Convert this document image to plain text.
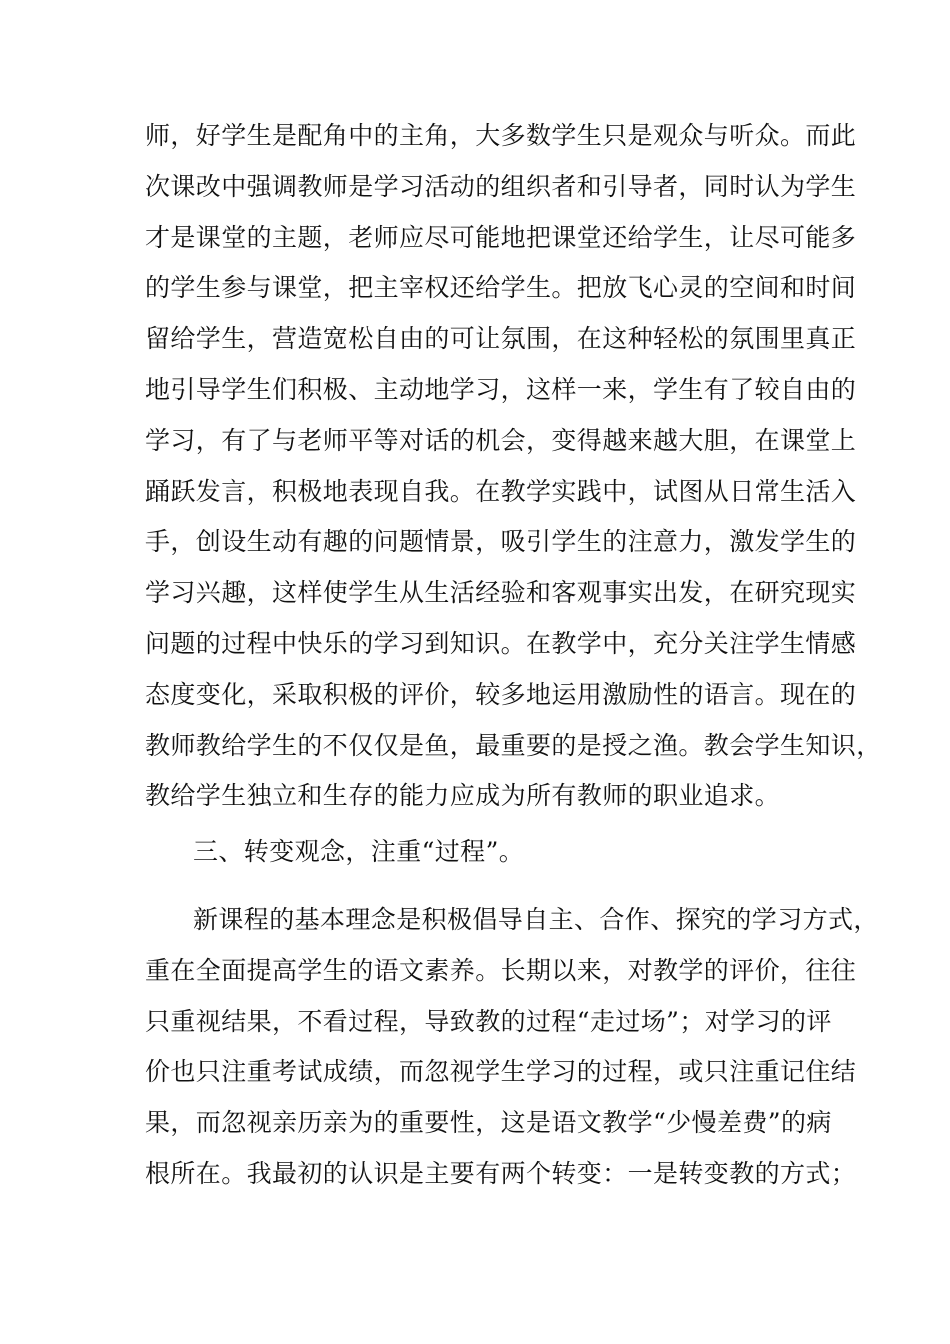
师，好学生是配角中的主角，大多数学生只是观众与听众。而此
次课改中强调教师是学习活动的组织者和引导者，同时认为学生
才是课堂的主题，老师应尽可能地把课堂还给学生，让尽可能多
的学生参与课堂，把主宰权还给学生。把放飞心灵的空间和时间
留给学生，营造宽松自由的可让氛围，在这种轻松的氛围里真正
地引导学生们积极、主动地学习，这样一来，学生有了较自由的
学习，有了与老师平等对话的机会，变得越来越大胆，在课堂上
踊跃发言，积极地表现自我。在教学实践中，试图从日常生活入
手，创设生动有趣的问题情景，吸引学生的注意力，激发学生的
学习兴趣，这样使学生从生活经验和客观事实出发，在研究现实
问题的过程中快乐的学习到知识。在教学中，充分关注学生情感
态度变化，采取积极的评价，较多地运用激励性的语言。现在的
教师教给学生的不仅仅是鱼，最重要的是授之渔。教会学生知识，
教给学生独立和生存的能力应成为所有教师的职业追求。
三、转变观念，注重“过程”。
新课程的基本理念是积极倡导自主、合作、探究的学习方式，
重在全面提高学生的语文素养。长期以来，对教学的评价，往往
只重视结果，不看过程，导致教的过程“走过场”；对学习的评
价也只注重考试成绩，而忽视学生学习的过程，或只注重记住结
果，而忽视亲历亲为的重要性，这是语文教学“少慢差费”的病
根所在。我最初的认识是主要有两个转变：一是转变教的方式；
